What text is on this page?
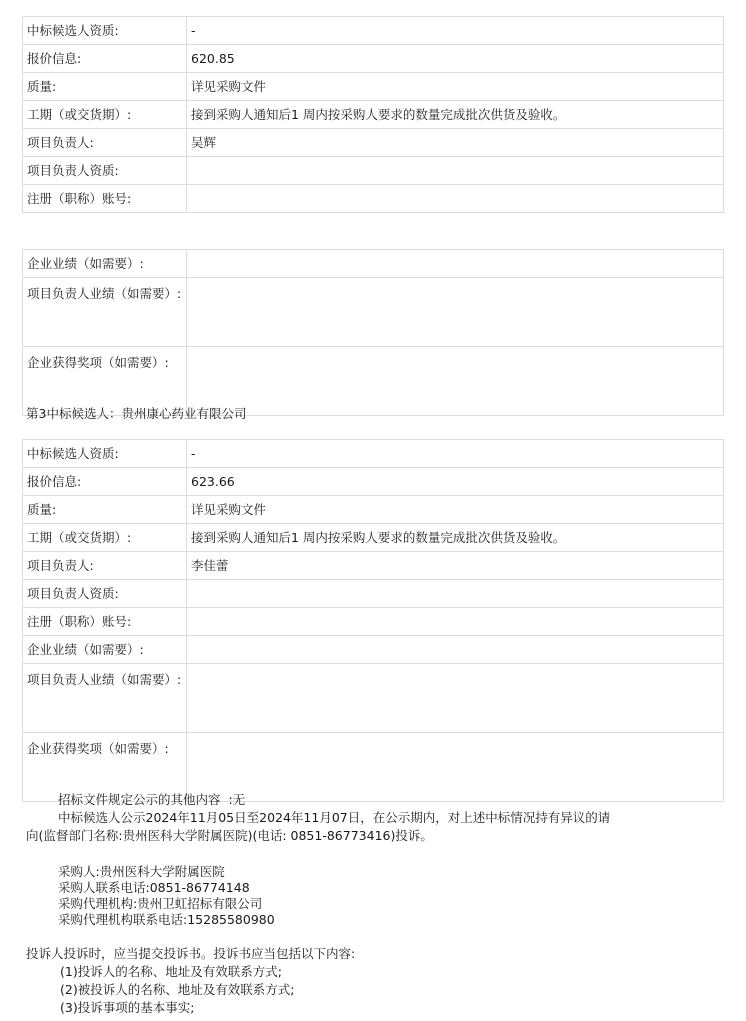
中标候选人资质:	-
报价信息:	620.85
质量:	详见采购文件
工期（或交货期）:	接到采购人通知后1 周内按采购人要求的数量完成批次供货及验收。
项目负责人:	吴辉
项目负责人资质:	
注册（职称）账号:	
企业业绩（如需要）:	
项目负责人业绩（如需要）:	
企业获得奖项（如需要）:	
第3中标候选人：贵州康心药业有限公司
中标候选人资质:	-
报价信息:	623.66
质量:	详见采购文件
工期（或交货期）:	接到采购人通知后1 周内按采购人要求的数量完成批次供货及验收。
项目负责人:	李佳蕾
项目负责人资质:	
注册（职称）账号:	
企业业绩（如需要）:	
项目负责人业绩（如需要）:	
企业获得奖项（如需要）:	
招标文件规定公示的其他内容  :无
中标候选人公示2024年11月05日至2024年11月07日，在公示期内，对上述中标情况持有异议的请
向(监督部门名称:贵州医科大学附属医院)(电话: 0851-86773416)投诉。
采购人:贵州医科大学附属医院
采购人联系电话:0851-86774148
采购代理机构:贵州卫虹招标有限公司
采购代理机构联系电话:15285580980
投诉人投诉时，应当提交投诉书。投诉书应当包括以下内容:
(1)投诉人的名称、地址及有效联系方式;
(2)被投诉人的名称、地址及有效联系方式;
(3)投诉事项的基本事实;
